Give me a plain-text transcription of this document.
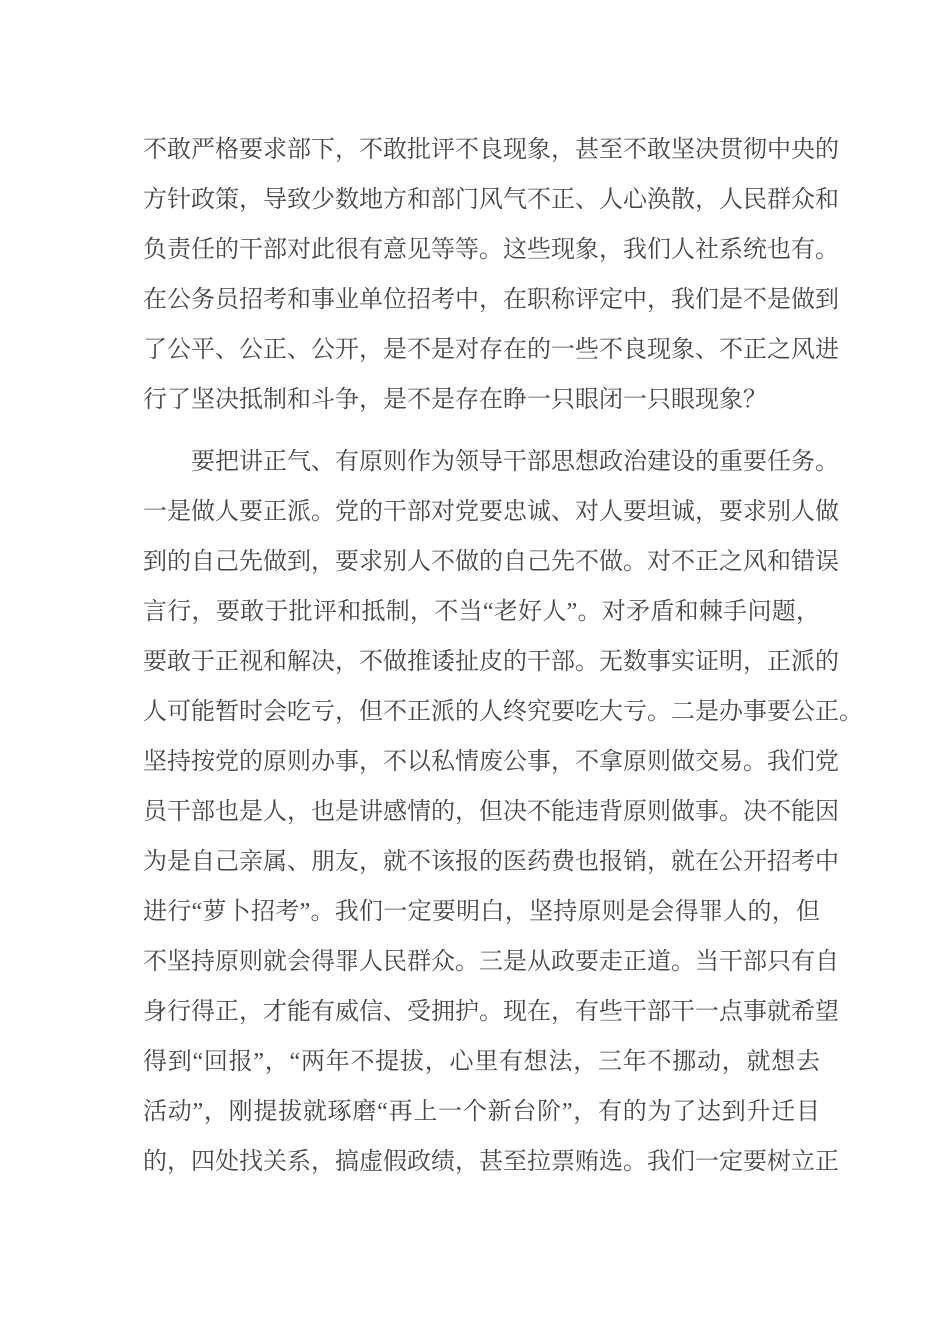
不敢严格要求部下，不敢批评不良现象，甚至不敢坚决贯彻中央的
方针政策，导致少数地方和部门风气不正、人心涣散，人民群众和
负责任的干部对此很有意见等等。这些现象，我们人社系统也有。
在公务员招考和事业单位招考中，在职称评定中，我们是不是做到
了公平、公正、公开，是不是对存在的一些不良现象、不正之风进
行了坚决抵制和斗争，是不是存在睁一只眼闭一只眼现象？
要把讲正气、有原则作为领导干部思想政治建设的重要任务。
一是做人要正派。党的干部对党要忠诚、对人要坦诚，要求别人做
到的自己先做到，要求别人不做的自己先不做。对不正之风和错误
言行，要敢于批评和抵制，不当“老好人”。对矛盾和棘手问题，
要敢于正视和解决，不做推诿扯皮的干部。无数事实证明，正派的
人可能暂时会吃亏，但不正派的人终究要吃大亏。二是办事要公正。
坚持按党的原则办事，不以私情废公事，不拿原则做交易。我们党
员干部也是人，也是讲感情的，但决不能违背原则做事。决不能因
为是自己亲属、朋友，就不该报的医药费也报销，就在公开招考中
进行“萝卜招考”。我们一定要明白，坚持原则是会得罪人的，但
不坚持原则就会得罪人民群众。三是从政要走正道。当干部只有自
身行得正，才能有威信、受拥护。现在，有些干部干一点事就希望
得到“回报”，“两年不提拔，心里有想法，三年不挪动，就想去
活动”，刚提拔就琢磨“再上一个新台阶”，有的为了达到升迁目
的，四处找关系，搞虚假政绩，甚至拉票贿选。我们一定要树立正
